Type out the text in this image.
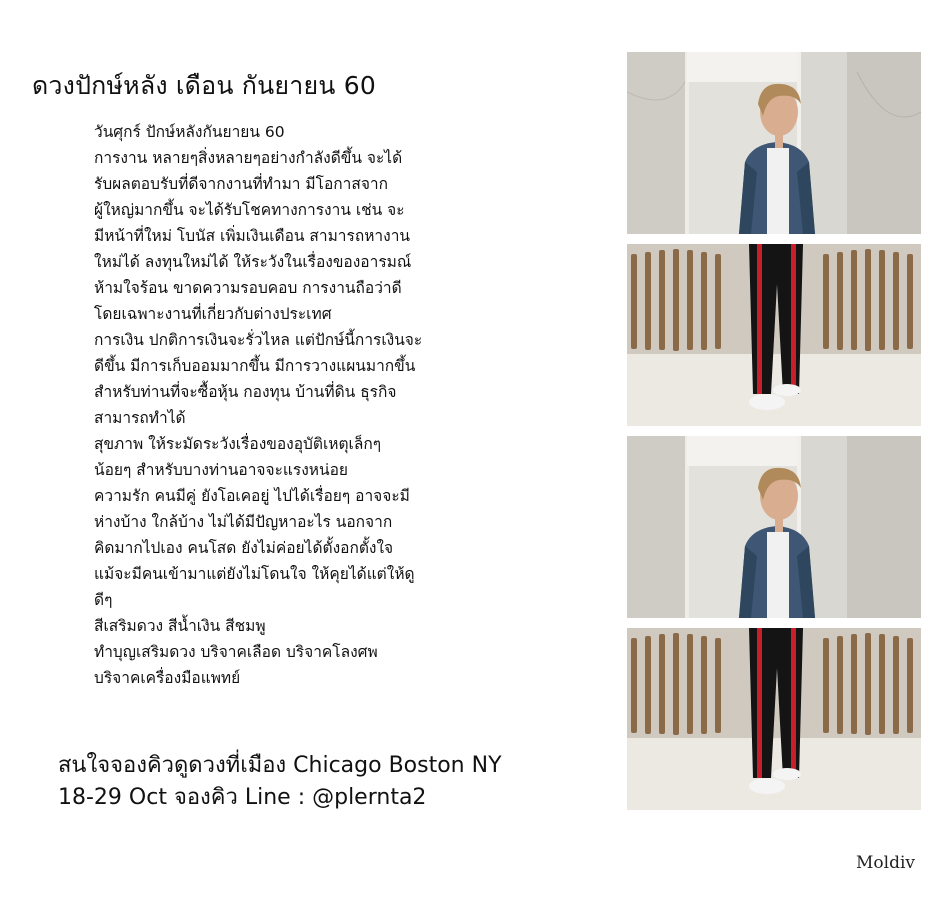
ดวงปักษ์หลัง เดือน กันยายน 60
วันศุกร์ ปักษ์หลังกันยายน 60
การงาน หลายๆสิ่งหลายๆอย่างกำลังดีขึ้น จะได้
รับผลตอบรับที่ดีจากงานที่ทำมา มีโอกาสจาก
ผู้ใหญ่มากขึ้น จะได้รับโชคทางการงาน เช่น จะ
มีหน้าที่ใหม่ โบนัส เพิ่มเงินเดือน สามารถหางาน
ใหม่ได้ ลงทุนใหม่ได้ ให้ระวังในเรื่องของอารมณ์
ห้ามใจร้อน ขาดความรอบคอบ การงานถือว่าดี
โดยเฉพาะงานที่เกี่ยวกับต่างประเทศ
การเงิน ปกติการเงินจะรั่วไหล แต่ปักษ์นี้การเงินจะ
ดีขึ้น มีการเก็บออมมากขึ้น มีการวางแผนมากขึ้น
สำหรับท่านที่จะซื้อหุ้น กองทุน บ้านที่ดิน ธุรกิจ
สามารถทำได้
สุขภาพ ให้ระมัดระวังเรื่องของอุบัติเหตุเล็กๆ
น้อยๆ สำหรับบางท่านอาจจะแรงหน่อย
ความรัก คนมีคู่ ยังโอเคอยู่ ไปได้เรื่อยๆ อาจจะมี
ห่างบ้าง ใกล้บ้าง ไม่ได้มีปัญหาอะไร นอกจาก
คิดมากไปเอง คนโสด ยังไม่ค่อยได้ตั้งอกตั้งใจ
แม้จะมีคนเข้ามาแต่ยังไม่โดนใจ ให้คุยได้แต่ให้ดู
ดีๆ
สีเสริมดวง สีน้ำเงิน สีชมพู
ทำบุญเสริมดวง บริจาคเลือด บริจาคโลงศพ
บริจาคเครื่องมือแพทย์
สนใจจองคิวดูดวงที่เมือง Chicago Boston NY
18-29 Oct จองคิว Line : @plernta2
Moldiv
